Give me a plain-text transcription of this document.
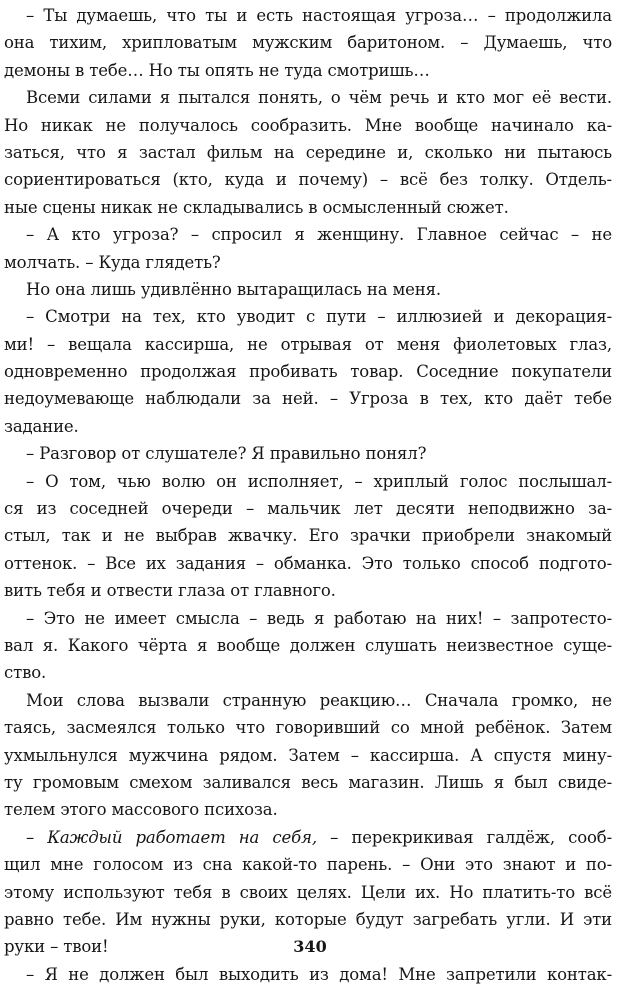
– Ты думаешь, что ты и есть настоящая угроза… – продолжила
она тихим, хрипловатым мужским баритоном. – Думаешь, что
демоны в тебе… Но ты опять не туда смотришь…
Всеми силами я пытался понять, о чём речь и кто мог её вести.
Но никак не получалось сообразить. Мне вообще начинало ка-
заться, что я застал фильм на середине и, сколько ни пытаюсь
сориентироваться (кто, куда и почему) – всё без толку. Отдель-
ные сцены никак не складывались в осмысленный сюжет.
– А кто угроза? – спросил я женщину. Главное сейчас – не
молчать. – Куда глядеть?
Но она лишь удивлённо вытаращилась на меня.
– Смотри на тех, кто уводит с пути – иллюзией и декорация-
ми! – вещала кассирша, не отрывая от меня фиолетовых глаз,
одновременно продолжая пробивать товар. Соседние покупатели
недоумевающе наблюдали за ней. – Угроза в тех, кто даёт тебе
задание.
– Разговор от слушателе? Я правильно понял?
– О том, чью волю он исполняет, – хриплый голос послышал-
ся из соседней очереди – мальчик лет десяти неподвижно за-
стыл, так и не выбрав жвачку. Его зрачки приобрели знакомый
оттенок. – Все их задания – обманка. Это только способ подгото-
вить тебя и отвести глаза от главного.
– Это не имеет смысла – ведь я работаю на них! – запротесто-
вал я. Какого чёрта я вообще должен слушать неизвестное суще-
ство.
Мои слова вызвали странную реакцию… Сначала громко, не
таясь, засмеялся только что говоривший со мной ребёнок. Затем
ухмыльнулся мужчина рядом. Затем – кассирша. А спустя мину-
ту громовым смехом заливался весь магазин. Лишь я был свиде-
телем этого массового психоза.
– Каждый работает на себя, – перекрикивая галдёж, сооб-
щил мне голосом из сна какой-то парень. – Они это знают и по-
этому используют тебя в своих целях. Цели их. Но платить-то всё
равно тебе. Им нужны руки, которые будут загребать угли. И эти
руки – твои!
– Я не должен был выходить из дома! Мне запретили контак-
340
